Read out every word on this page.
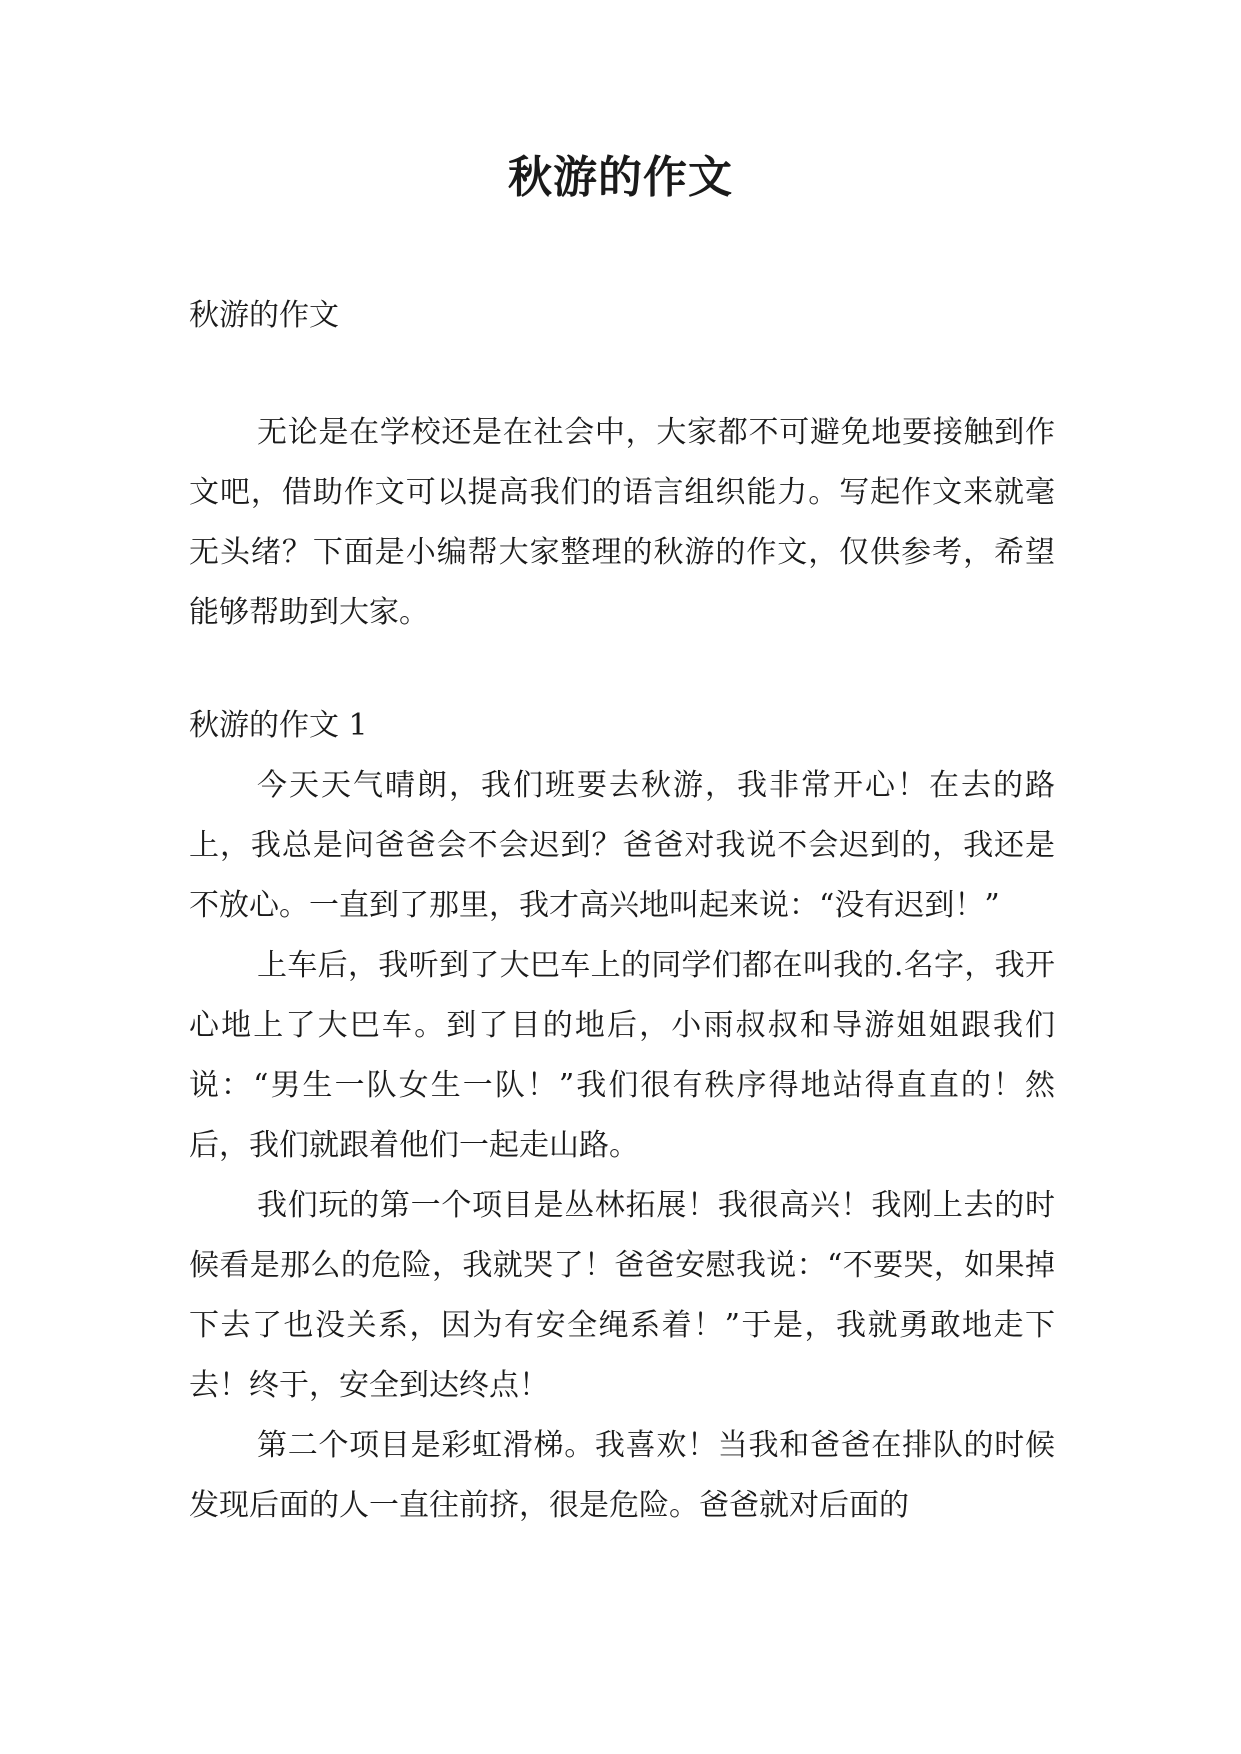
秋游的作文
秋游的作文
无论是在学校还是在社会中，大家都不可避免地要接触到作文吧，借助作文可以提高我们的语言组织能力。写起作文来就毫无头绪？下面是小编帮大家整理的秋游的作文，仅供参考，希望能够帮助到大家。
秋游的作文 1

今天天气晴朗，我们班要去秋游，我非常开心！在去的路上，我总是问爸爸会不会迟到？爸爸对我说不会迟到的，我还是不放心。一直到了那里，我才高兴地叫起来说：“没有迟到！”

上车后，我听到了大巴车上的同学们都在叫我的.名字，我开心地上了大巴车。到了目的地后，小雨叔叔和导游姐姐跟我们说：“男生一队女生一队！”我们很有秩序得地站得直直的！然后，我们就跟着他们一起走山路。

我们玩的第一个项目是丛林拓展！我很高兴！我刚上去的时候看是那么的危险，我就哭了！爸爸安慰我说：“不要哭，如果掉下去了也没关系，因为有安全绳系着！”于是，我就勇敢地走下去！终于，安全到达终点！

第二个项目是彩虹滑梯。我喜欢！当我和爸爸在排队的时候发现后面的人一直往前挤，很是危险。爸爸就对后面的
